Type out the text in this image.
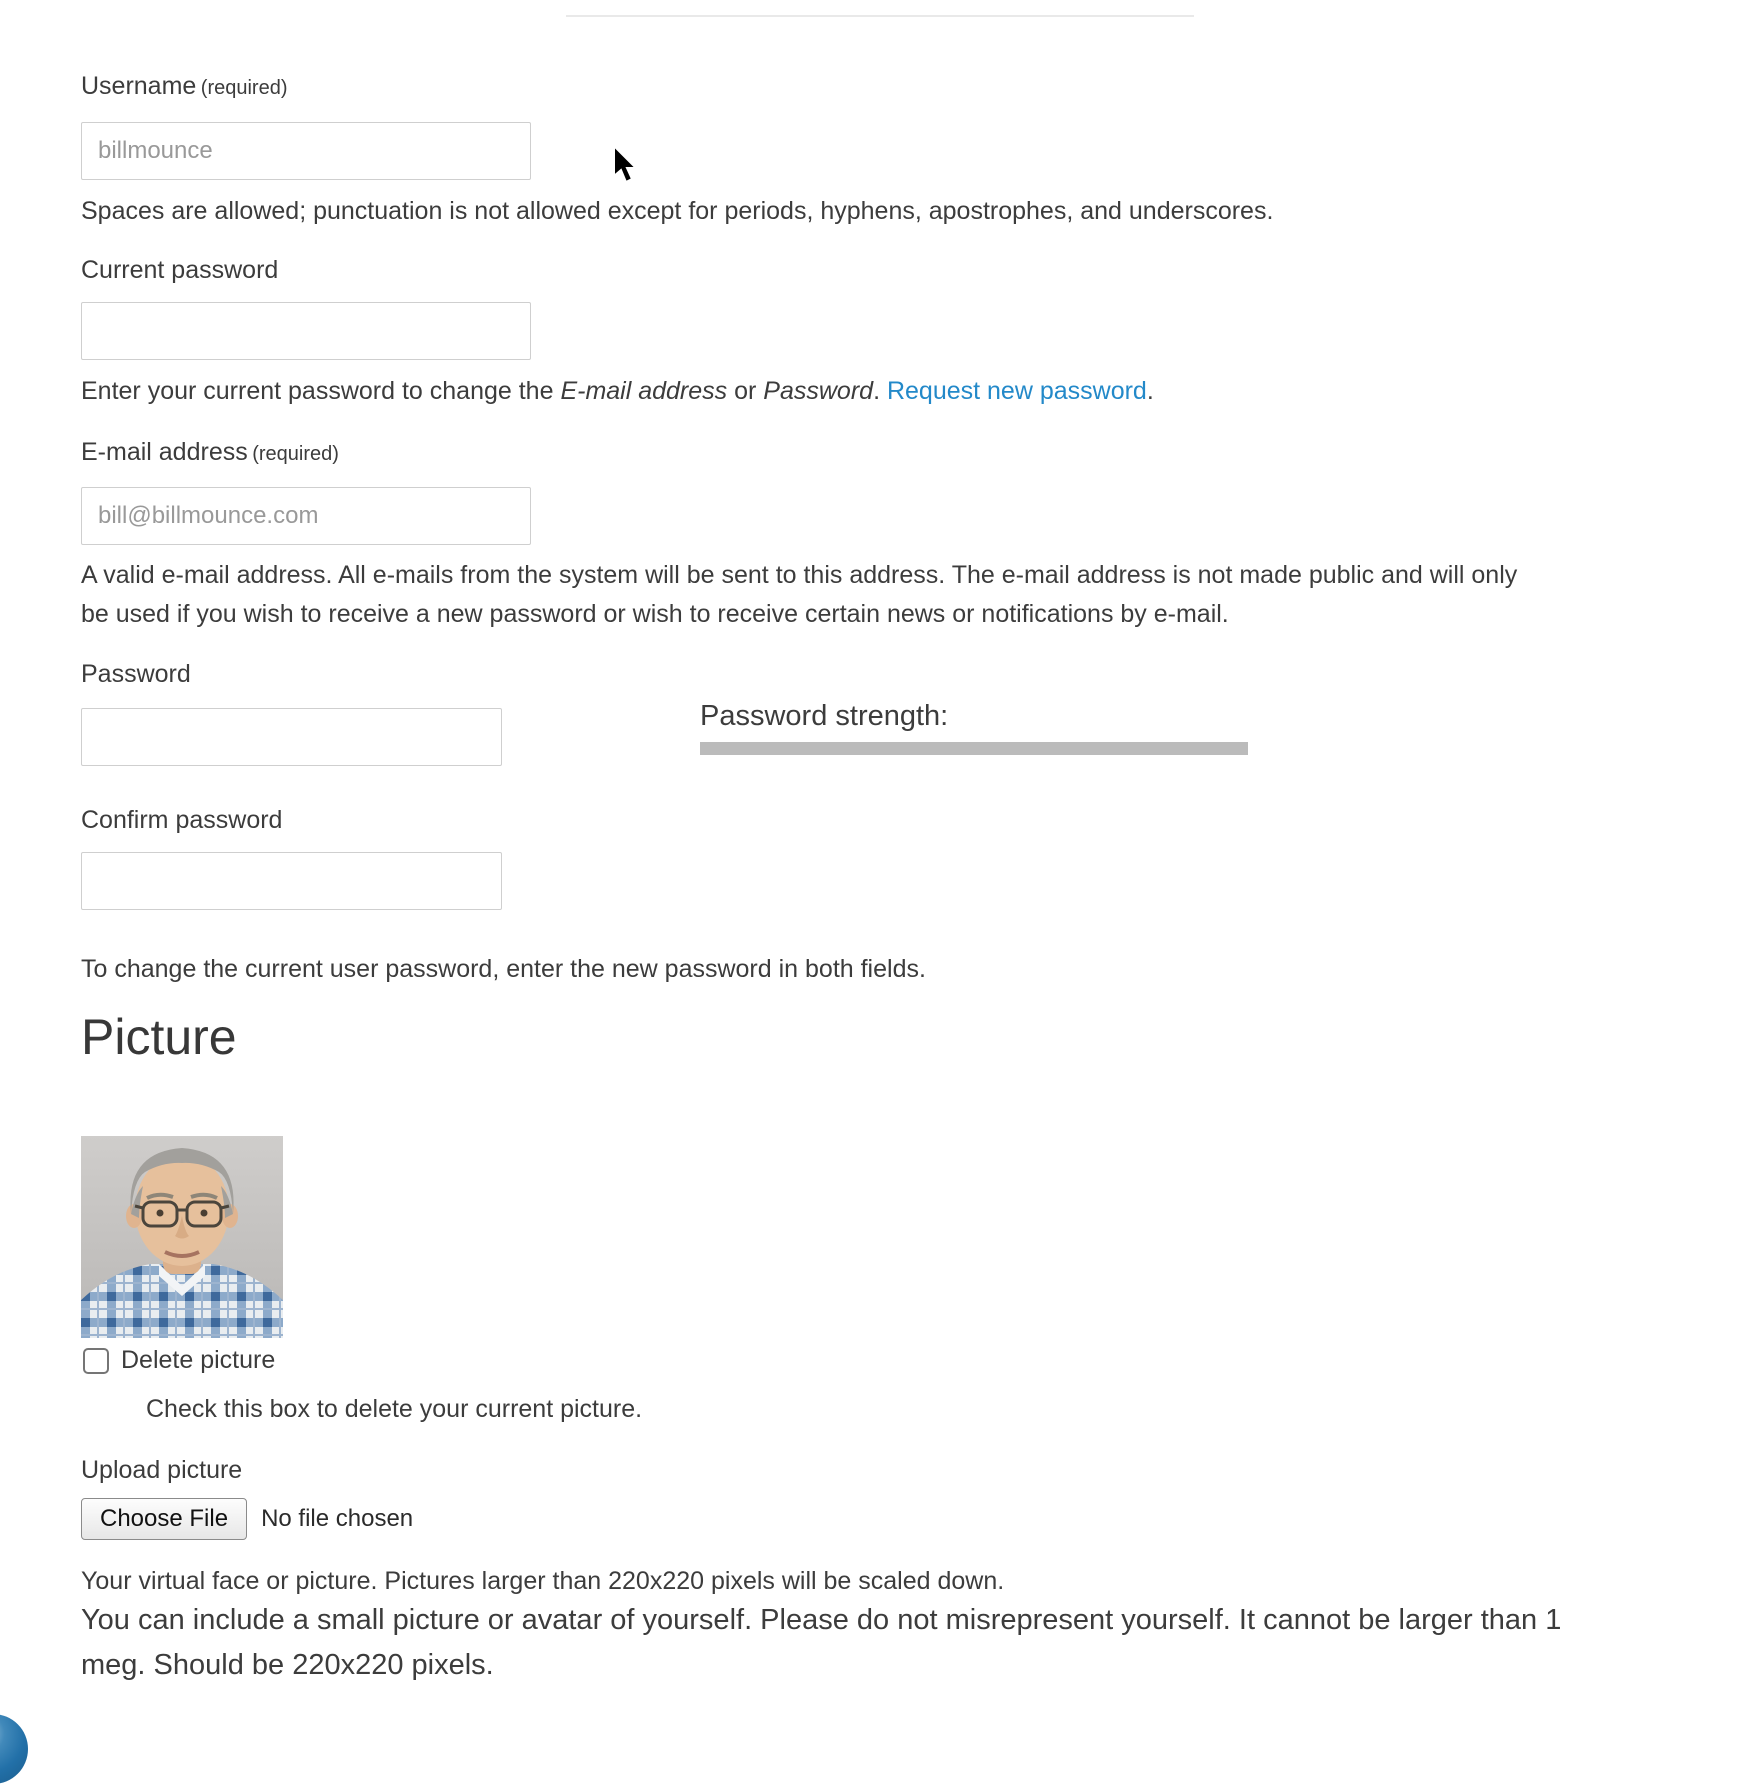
Username (required)
billmounce
Spaces are allowed; punctuation is not allowed except for periods, hyphens, apostrophes, and underscores.
Current password
Enter your current password to change the E-mail address or Password. Request new password.
E-mail address (required)
bill@billmounce.com
A valid e-mail address. All e-mails from the system will be sent to this address. The e-mail address is not made public and will only be used if you wish to receive a new password or wish to receive certain news or notifications by e-mail.
Password
Password strength:
Confirm password
To change the current user password, enter the new password in both fields.
Picture
Delete picture
Check this box to delete your current picture.
Upload picture
Choose File	No file chosen
Your virtual face or picture. Pictures larger than 220x220 pixels will be scaled down.
You can include a small picture or avatar of yourself. Please do not misrepresent yourself. It cannot be larger than 1 meg. Should be 220x220 pixels.
